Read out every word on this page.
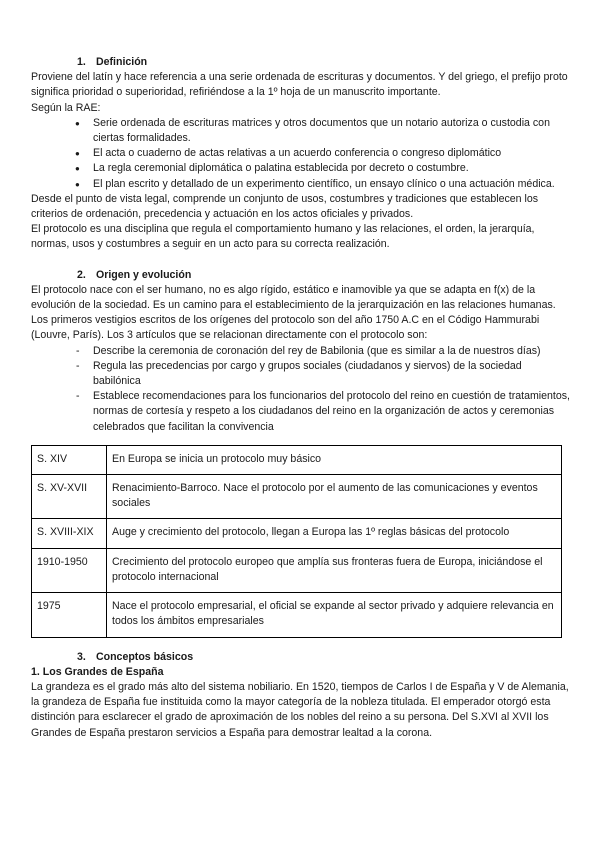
1. Definición

Proviene del latín y hace referencia a una serie ordenada de escrituras y documentos. Y del griego, el prefijo proto significa prioridad o superioridad, refiriéndose a la 1º hoja de un manuscrito importante.

Según la RAE:

● Serie ordenada de escrituras matrices y otros documentos que un notario autoriza o custodia con ciertas formalidades.
● El acta o cuaderno de actas relativas a un acuerdo conferencia o congreso diplomático
● La regla ceremonial diplomática o palatina establecida por decreto o costumbre.
● El plan escrito y detallado de un experimento científico, un ensayo clínico o una actuación médica.

Desde el punto de vista legal, comprende un conjunto de usos, costumbres y tradiciones que establecen los criterios de ordenación, precedencia y actuación en los actos oficiales y privados.

El protocolo es una disciplina que regula el comportamiento humano y las relaciones, el orden, la jerarquía, normas, usos y costumbres a seguir en un acto para su correcta realización.

2. Origen y evolución

El protocolo nace con el ser humano, no es algo rígido, estático e inamovible ya que se adapta en f(x) de la evolución de la sociedad. Es un camino para el establecimiento de la jerarquización en las relaciones humanas.

Los primeros vestigios escritos de los orígenes del protocolo son del año 1750 A.C en el Código Hammurabi (Louvre, París). Los 3 artículos que se relacionan directamente con el protocolo son:

- Describe la ceremonia de coronación del rey de Babilonia (que es similar a la de nuestros días)
- Regula las precedencias por cargo y grupos sociales (ciudadanos y siervos) de la sociedad babilónica
- Establece recomendaciones para los funcionarios del protocolo del reino en cuestión de tratamientos, normas de cortesía y respeto a los ciudadanos del reino en la organización de actos y ceremonias celebrados que facilitan la convivencia
S. XIV	En Europa se inicia un protocolo muy básico
S. XV-XVII	Renacimiento-Barroco. Nace el protocolo por el aumento de las comunicaciones y eventos sociales
S. XVIII-XIX	Auge y crecimiento del protocolo, llegan a Europa las 1º reglas básicas del protocolo
1910-1950	Crecimiento del protocolo europeo que amplía sus fronteras fuera de Europa, iniciándose el protocolo internacional
1975	Nace el protocolo empresarial, el oficial se expande al sector privado y adquiere relevancia en todos los ámbitos empresariales
3. Conceptos básicos

1. Los Grandes de España

La grandeza es el grado más alto del sistema nobiliario. En 1520, tiempos de Carlos I de España y V de Alemania, la grandeza de España fue instituida como la mayor categoría de la nobleza titulada. El emperador otorgó esta distinción para esclarecer el grado de aproximación de los nobles del reino a su persona. Del S.XVI al XVII los Grandes de España prestaron servicios a España para demostrar lealtad a la corona.
